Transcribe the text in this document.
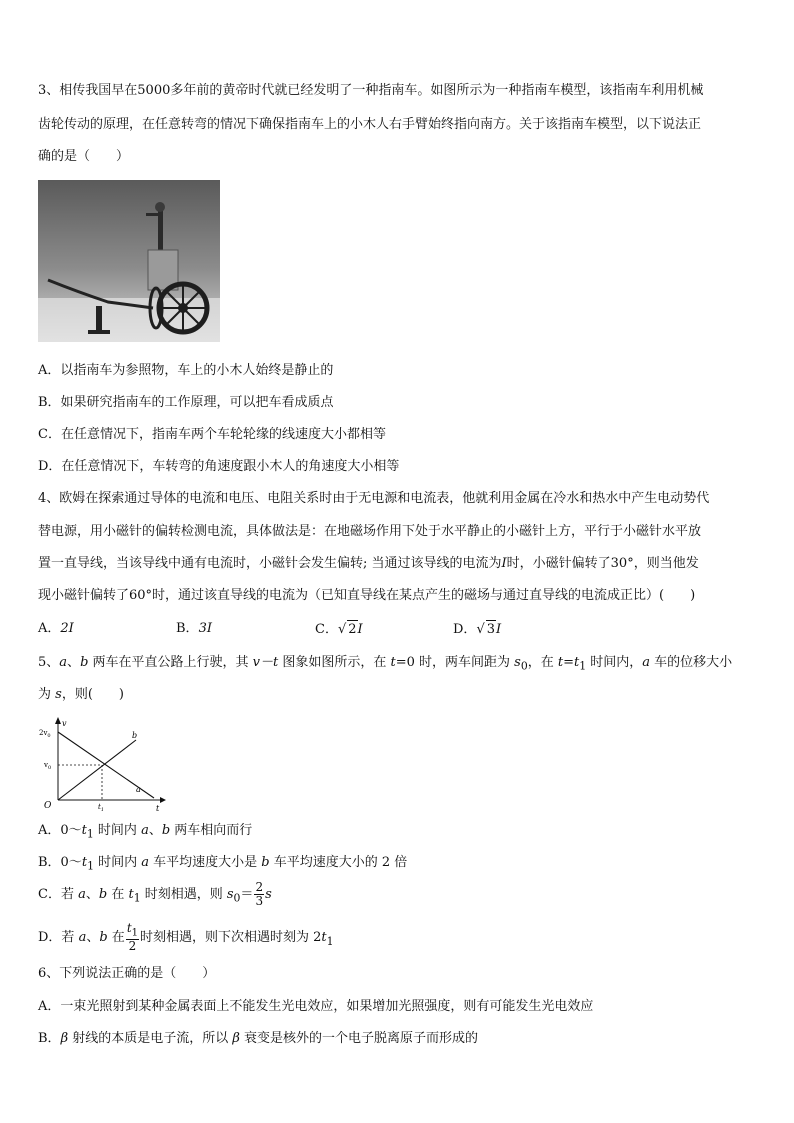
3、相传我国早在5000多年前的黄帝时代就已经发明了一种指南车。如图所示为一种指南车模型，该指南车利用机械
齿轮传动的原理，在任意转弯的情况下确保指南车上的小木人右手臂始终指向南方。关于该指南车模型，以下说法正
确的是（　　）
A．以指南车为参照物，车上的小木人始终是静止的
B．如果研究指南车的工作原理，可以把车看成质点
C．在任意情况下，指南车两个车轮轮缘的线速度大小都相等
D．在任意情况下，车转弯的角速度跟小木人的角速度大小相等
4、欧姆在探索通过导体的电流和电压、电阻关系时由于无电源和电流表，他就利用金属在冷水和热水中产生电动势代
替电源，用小磁针的偏转检测电流，具体做法是：在地磁场作用下处于水平静止的小磁针上方，平行于小磁针水平放
置一直导线，当该导线中通有电流时，小磁针会发生偏转; 当通过该导线的电流为I时，小磁针偏转了30°，则当他发
现小磁针偏转了60°时，通过该直导线的电流为（已知直导线在某点产生的磁场与通过直导线的电流成正比）(　　)
A．2I	B．3I	C．√ 2I	D．√ 3I
5、a、b 两车在平直公路上行驶，其 v－t 图象如图所示，在 t=0 时，两车间距为 $s_0$，在 $t=t_1$ 时间内，a 车的位移大小
为 s，则(　　)
v
t
O
$2v_0$
$v_0$
$t_1$
a
b
A．$0\sim t_1$ 时间内 a、b 两车相向而行
B．$0\sim t_1$ 时间内 a 车平均速度大小是 b 车平均速度大小的 2 倍
C．若 a、b 在 $t_1$ 时刻相遇，则 $s_0= \frac{2}{3}$ s
D．若 a、b 在 $\frac{t_1}{2}$ 时刻相遇，则下次相遇时刻为 $2t_1$
6、下列说法正确的是（　　）
A．一束光照射到某种金属表面上不能发生光电效应，如果增加光照强度，则有可能发生光电效应
B．β 射线的本质是电子流，所以 β 衰变是核外的一个电子脱离原子而形成的
